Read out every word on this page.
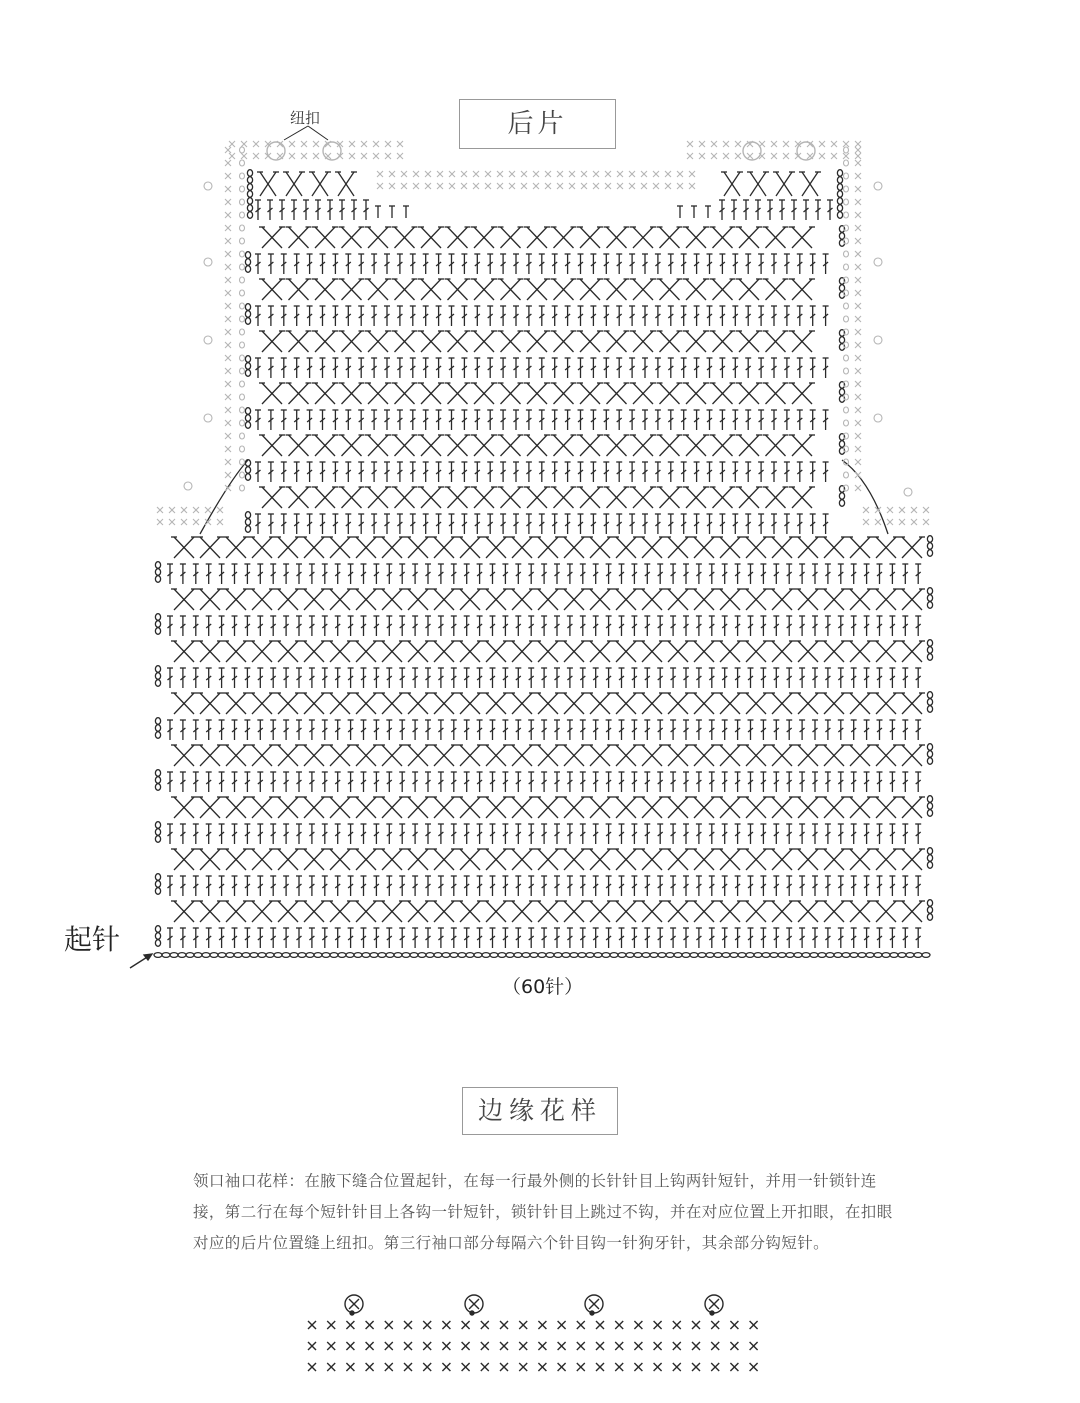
后片
纽扣
起针
（60针）
边缘花样
领口袖口花样：在腋下缝合位置起针，在每一行最外侧的长针针目上钩两针短针，并用一针锁针连接，第二行在每个短针针目上各钩一针短针，锁针针目上跳过不钩，并在对应位置上开扣眼，在扣眼对应的后片位置缝上纽扣。第三行袖口部分每隔六个针目钩一针狗牙针，其余部分钩短针。
